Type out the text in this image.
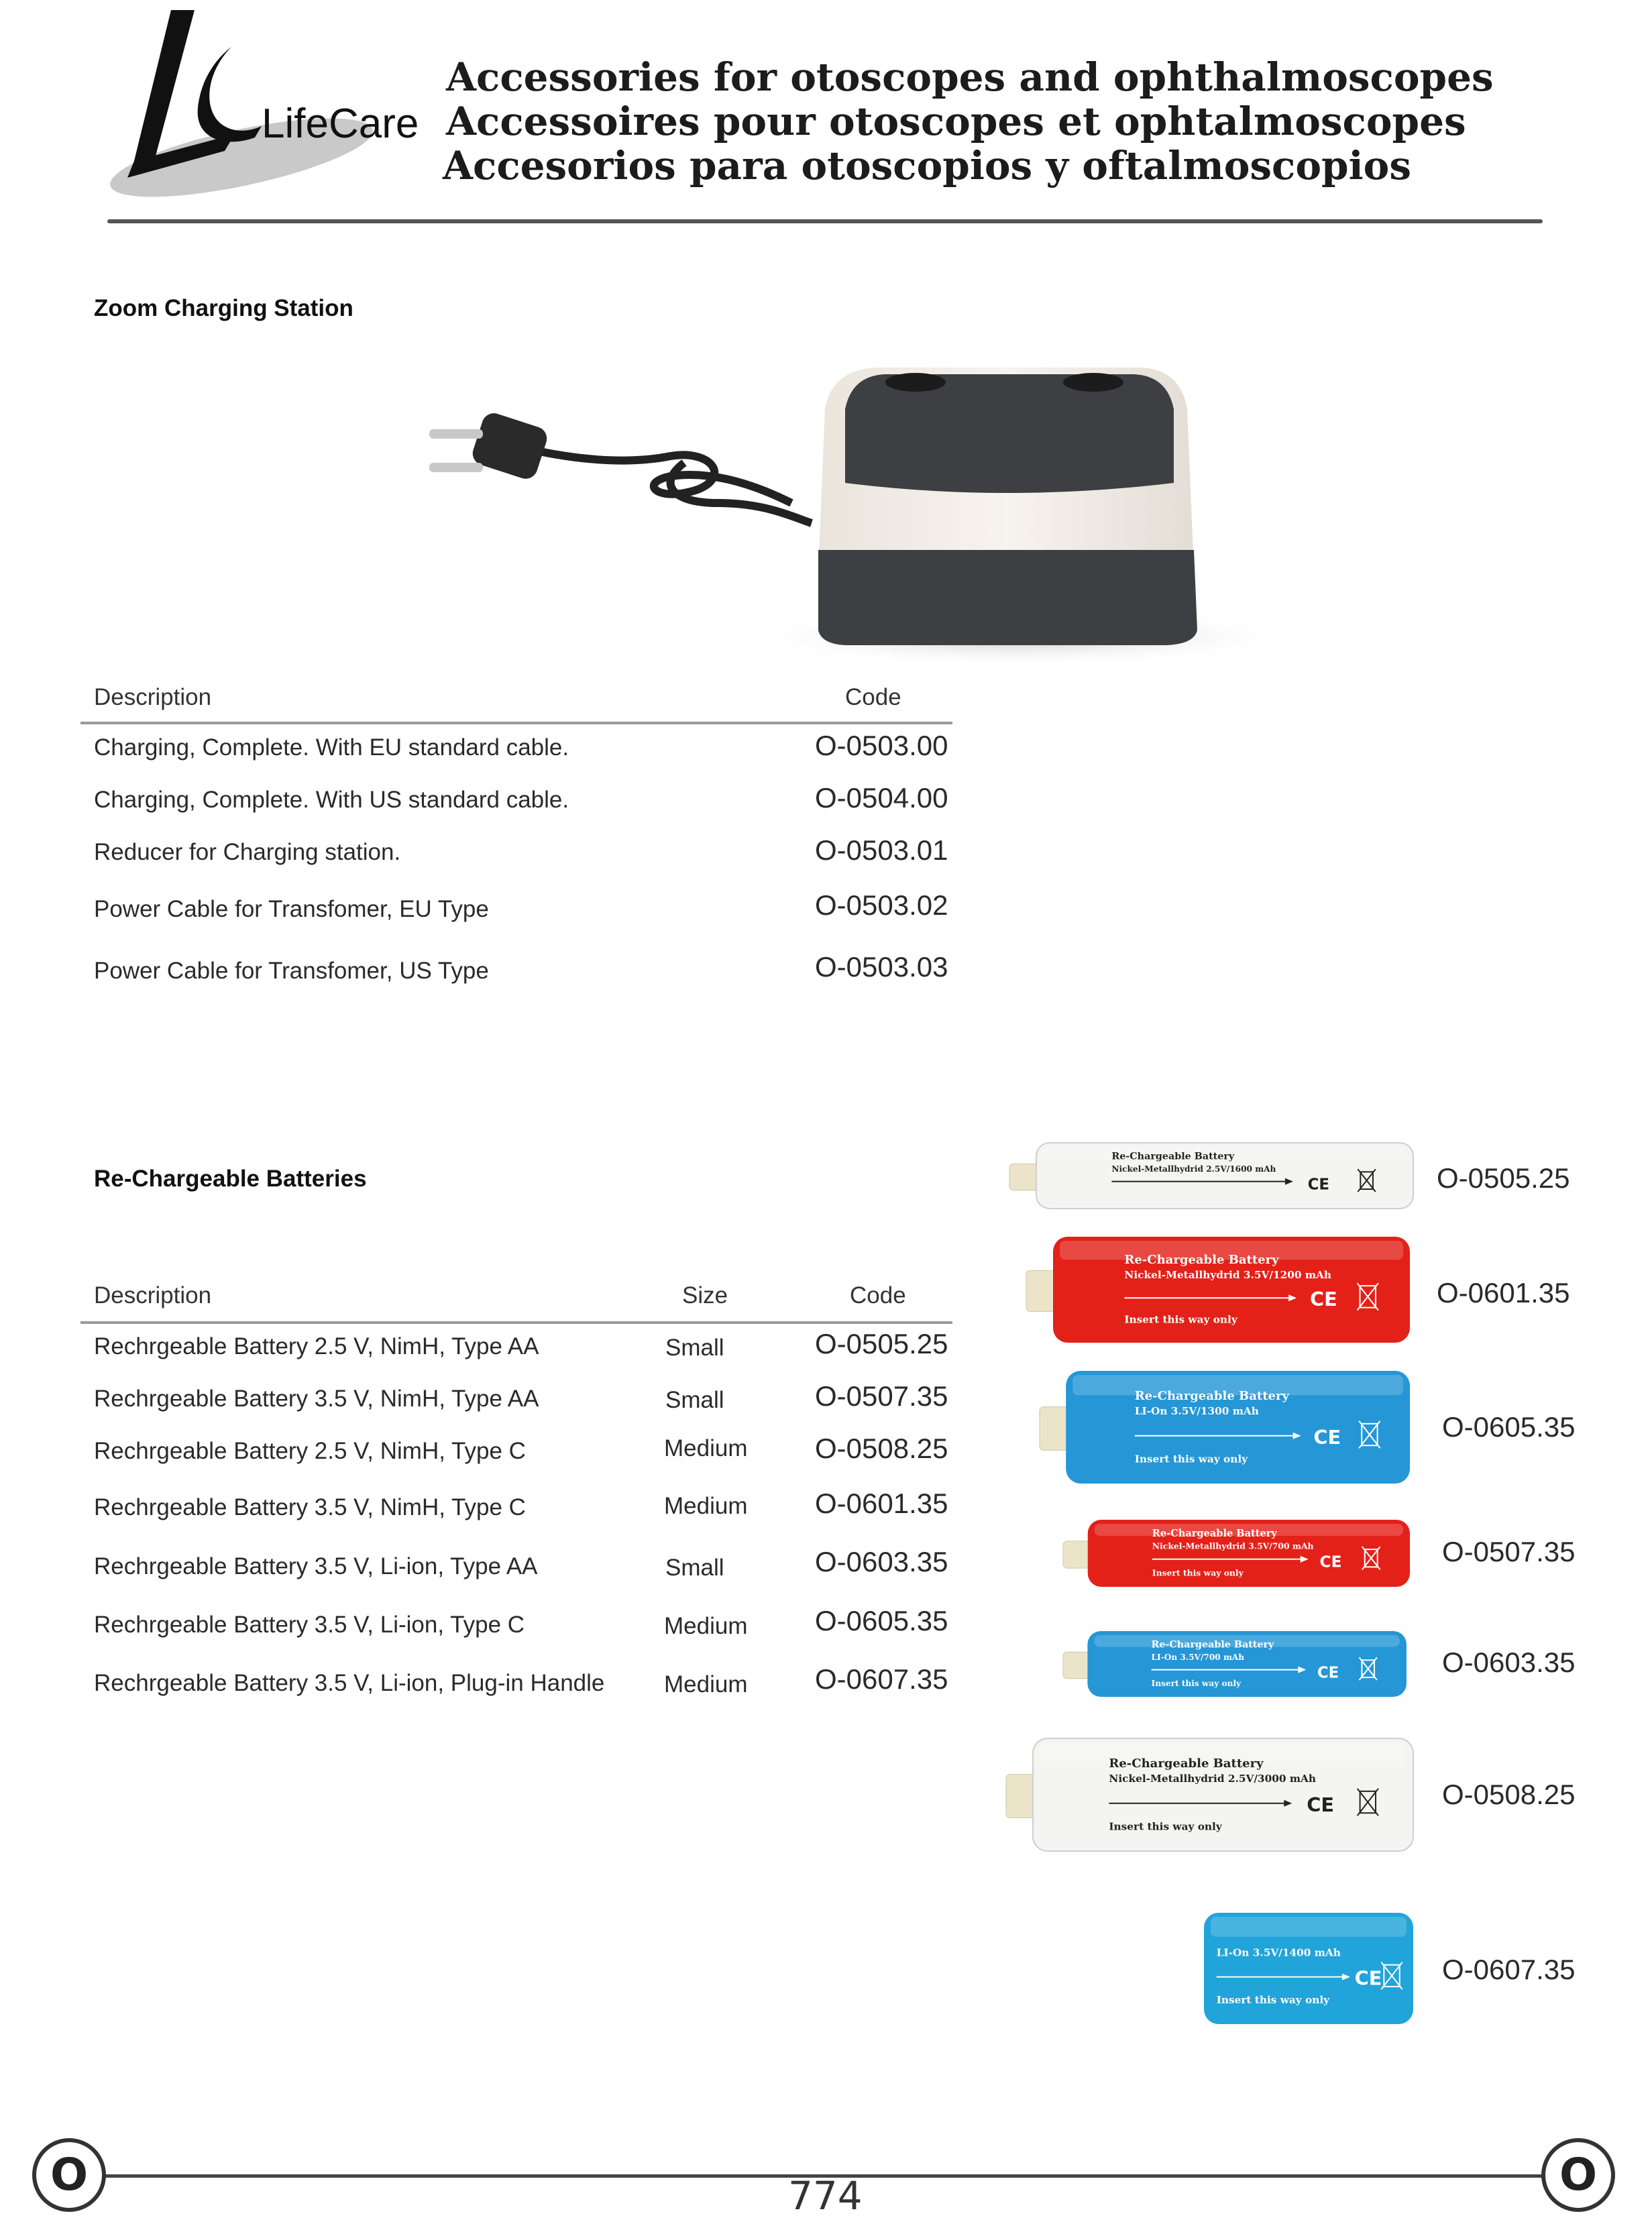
LifeCare
Accessories for otoscopes and ophthalmoscopes
Accessoires pour otoscopes et ophtalmoscopes
Accesorios para otoscopios y oftalmoscopios
Zoom Charging Station
Description	Code
Charging, Complete. With EU standard cable.	O-0503.00
Charging, Complete. With US standard cable.	O-0504.00
Reducer for Charging station.	O-0503.01
Power Cable for Transfomer, EU Type	O-0503.02
Power Cable for Transfomer, US Type	O-0503.03
Re-Chargeable Batteries
Description	Size	Code
Rechrgeable Battery 2.5 V, NimH, Type AA	Small	O-0505.25
Rechrgeable Battery 3.5 V, NimH, Type AA	Small	O-0507.35
Rechrgeable Battery 2.5 V, NimH, Type C	Medium O-0508.25
Rechrgeable Battery 3.5 V, NimH, Type C	Medium O-0601.35
Rechrgeable Battery 3.5 V, Li-ion, Type AA	Small	O-0603.35
Rechrgeable Battery 3.5 V, Li-ion, Type C	Medium O-0605.35
Rechrgeable Battery 3.5 V, Li-ion, Plug-in Handle	Medium O-0607.35
Re-Chargeable Battery
Nickel-Metallhydrid 2.5V/1600 mAh
CE
Re-Chargeable Battery
Nickel-Metallhydrid 3.5V/1200 mAh
Insert this way only
CE
Re-Chargeable Battery
LI-On 3.5V/1300 mAh
Insert this way only
CE
Re-Chargeable Battery
Nickel-Metallhydrid 3.5V/700 mAh
Insert this way only
CE
Re-Chargeable Battery
LI-On 3.5V/700 mAh
Insert this way only
CE
Re-Chargeable Battery
Nickel-Metallhydrid 2.5V/3000 mAh
Insert this way only
CE
LI-On 3.5V/1400 mAh
Insert this way only
CE
O-0505.25
O-0601.35
O-0605.35
O-0507.35
O-0603.35
O-0508.25
O-0607.35
O	O
774
